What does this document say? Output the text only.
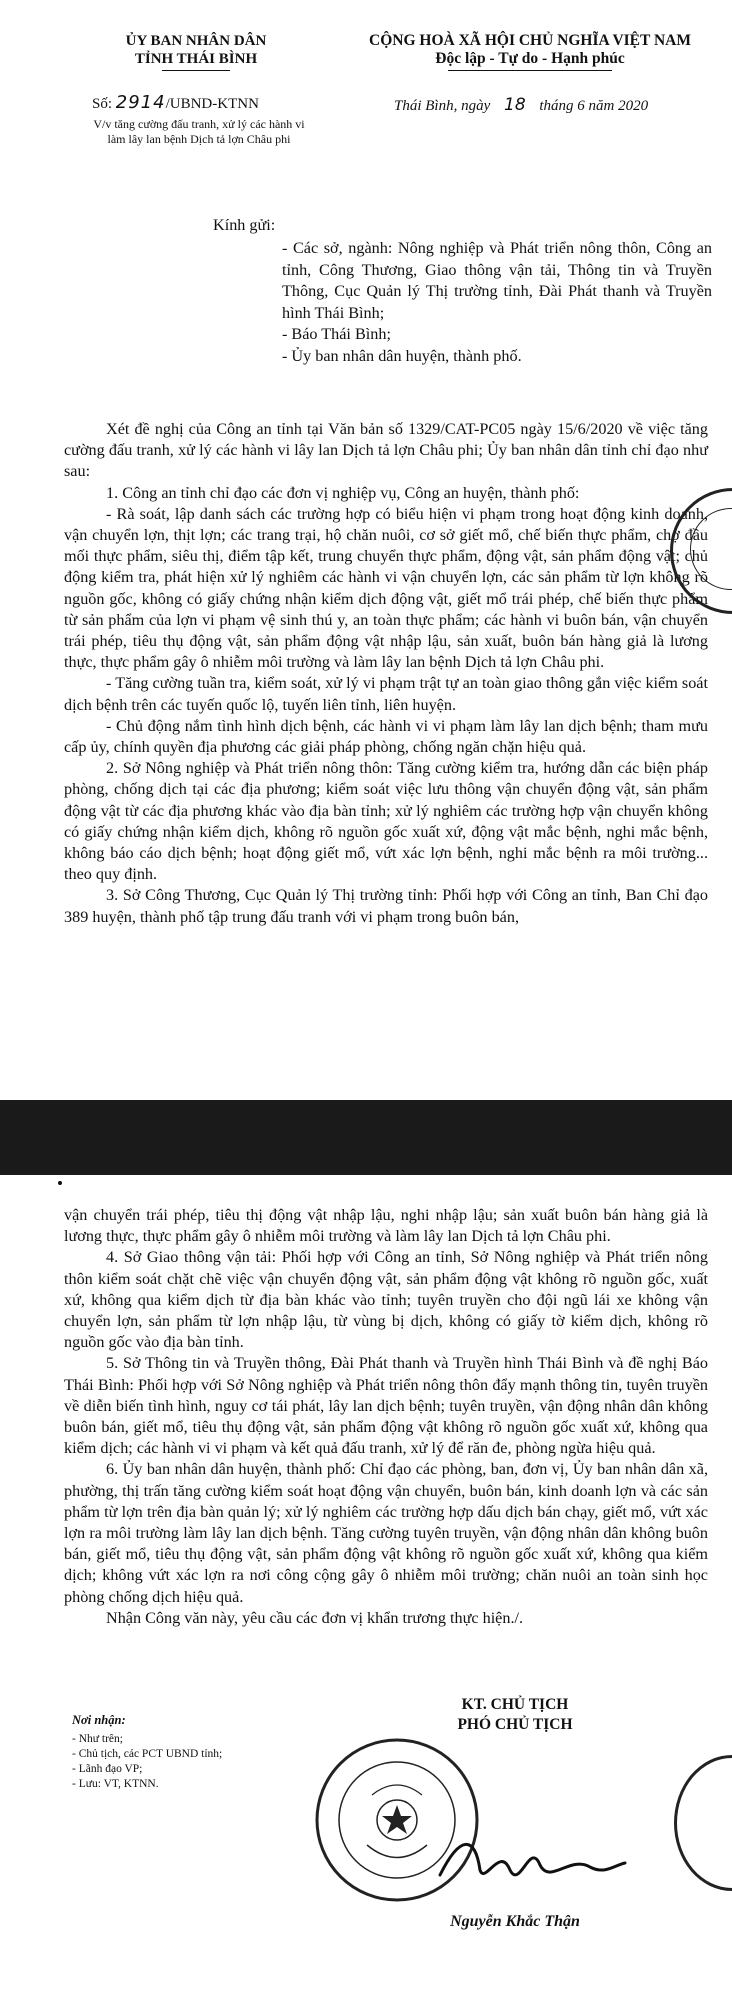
ỦY BAN NHÂN DÂN
TỈNH THÁI BÌNH
Số: 2914/UBND-KTNN
V/v tăng cường đấu tranh, xử lý các hành vi
làm lây lan bệnh Dịch tả lợn Châu phi
CỘNG HOÀ XÃ HỘI CHỦ NGHĨA VIỆT NAM
Độc lập - Tự do - Hạnh phúc
Thái Bình, ngày 18 tháng 6 năm 2020
Kính gửi:

- Các sở, ngành: Nông nghiệp và Phát triển nông thôn, Công an tỉnh, Công Thương, Giao thông vận tải, Thông tin và Truyền Thông, Cục Quản lý Thị trường tỉnh, Đài Phát thanh và Truyền hình Thái Bình;

- Báo Thái Bình;

- Ủy ban nhân dân huyện, thành phố.

Xét đề nghị của Công an tỉnh tại Văn bản số 1329/CAT-PC05 ngày 15/6/2020 về việc tăng cường đấu tranh, xử lý các hành vi lây lan Dịch tả lợn Châu phi; Ủy ban nhân dân tỉnh chỉ đạo như sau:

1. Công an tỉnh chỉ đạo các đơn vị nghiệp vụ, Công an huyện, thành phố:

- Rà soát, lập danh sách các trường hợp có biểu hiện vi phạm trong hoạt động kinh doanh, vận chuyển lợn, thịt lợn; các trang trại, hộ chăn nuôi, cơ sở giết mổ, chế biến thực phẩm, chợ đầu mối thực phẩm, siêu thị, điểm tập kết, trung chuyển thực phẩm, động vật, sản phẩm động vật; chủ động kiểm tra, phát hiện xử lý nghiêm các hành vi vận chuyển lợn, các sản phẩm từ lợn không rõ nguồn gốc, không có giấy chứng nhận kiểm dịch động vật, giết mổ trái phép, chế biến thực phẩm từ sản phẩm của lợn vi phạm vệ sinh thú y, an toàn thực phẩm; các hành vi buôn bán, vận chuyển trái phép, tiêu thụ động vật, sản phẩm động vật nhập lậu, sản xuất, buôn bán hàng giả là lương thực, thực phẩm gây ô nhiễm môi trường và làm lây lan bệnh Dịch tả lợn Châu phi.

- Tăng cường tuần tra, kiểm soát, xử lý vi phạm trật tự an toàn giao thông gắn việc kiểm soát dịch bệnh trên các tuyến quốc lộ, tuyến liên tỉnh, liên huyện.

- Chủ động nắm tình hình dịch bệnh, các hành vi vi phạm làm lây lan dịch bệnh; tham mưu cấp ủy, chính quyền địa phương các giải pháp phòng, chống ngăn chặn hiệu quả.

2. Sở Nông nghiệp và Phát triển nông thôn: Tăng cường kiểm tra, hướng dẫn các biện pháp phòng, chống dịch tại các địa phương; kiểm soát việc lưu thông vận chuyển động vật, sản phẩm động vật từ các địa phương khác vào địa bàn tỉnh; xử lý nghiêm các trường hợp vận chuyển không có giấy chứng nhận kiểm dịch, không rõ nguồn gốc xuất xứ, động vật mắc bệnh, nghi mắc bệnh, không báo cáo dịch bệnh; hoạt động giết mổ, vứt xác lợn bệnh, nghi mắc bệnh ra môi trường... theo quy định.

3. Sở Công Thương, Cục Quản lý Thị trường tỉnh: Phối hợp với Công an tỉnh, Ban Chỉ đạo 389 huyện, thành phố tập trung đấu tranh với vi phạm trong buôn bán,

vận chuyển trái phép, tiêu thị động vật nhập lậu, nghi nhập lậu; sản xuất buôn bán hàng giả là lương thực, thực phẩm gây ô nhiễm môi trường và làm lây lan Dịch tả lợn Châu phi.

4. Sở Giao thông vận tải: Phối hợp với Công an tỉnh, Sở Nông nghiệp và Phát triển nông thôn kiểm soát chặt chẽ việc vận chuyển động vật, sản phẩm động vật không rõ nguồn gốc, xuất xứ, không qua kiểm dịch từ địa bàn khác vào tỉnh; tuyên truyền cho đội ngũ lái xe không vận chuyển lợn, sản phẩm từ lợn nhập lậu, từ vùng bị dịch, không có giấy tờ kiểm dịch, không rõ nguồn gốc vào địa bàn tỉnh.

5. Sở Thông tin và Truyền thông, Đài Phát thanh và Truyền hình Thái Bình và đề nghị Báo Thái Bình: Phối hợp với Sở Nông nghiệp và Phát triển nông thôn đẩy mạnh thông tin, tuyên truyền về diễn biến tình hình, nguy cơ tái phát, lây lan dịch bệnh; tuyên truyền, vận động nhân dân không buôn bán, giết mổ, tiêu thụ động vật, sản phẩm động vật không rõ nguồn gốc xuất xứ, không qua kiểm dịch; các hành vi vi phạm và kết quả đấu tranh, xử lý để răn đe, phòng ngừa hiệu quả.

6. Ủy ban nhân dân huyện, thành phố: Chỉ đạo các phòng, ban, đơn vị, Ủy ban nhân dân xã, phường, thị trấn tăng cường kiểm soát hoạt động vận chuyển, buôn bán, kinh doanh lợn và các sản phẩm từ lợn trên địa bàn quản lý; xử lý nghiêm các trường hợp dấu dịch bán chạy, giết mổ, vứt xác lợn ra môi trường làm lây lan dịch bệnh. Tăng cường tuyên truyền, vận động nhân dân không buôn bán, giết mổ, tiêu thụ động vật, sản phẩm động vật không rõ nguồn gốc xuất xứ, không qua kiểm dịch; không vứt xác lợn ra nơi công cộng gây ô nhiễm môi trường; chăn nuôi an toàn sinh học phòng chống dịch hiệu quả.

Nhận Công văn này, yêu cầu các đơn vị khẩn trương thực hiện./.

Nơi nhận:

- Như trên;

- Chủ tịch, các PCT UBND tỉnh;

- Lãnh đạo VP;

- Lưu: VT, KTNN.

KT. CHỦ TỊCH
PHÓ CHỦ TỊCH
Nguyễn Khắc Thận
